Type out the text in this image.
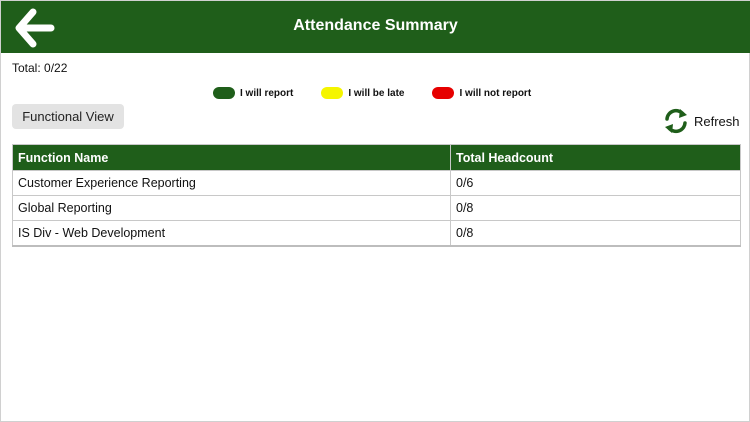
Attendance Summary
Total: 0/22
I will report	I will be late	I will not report
Functional View	Refresh
Function Name	Total Headcount
Customer Experience Reporting	0/6
Global Reporting	0/8
IS Div - Web Development	0/8
